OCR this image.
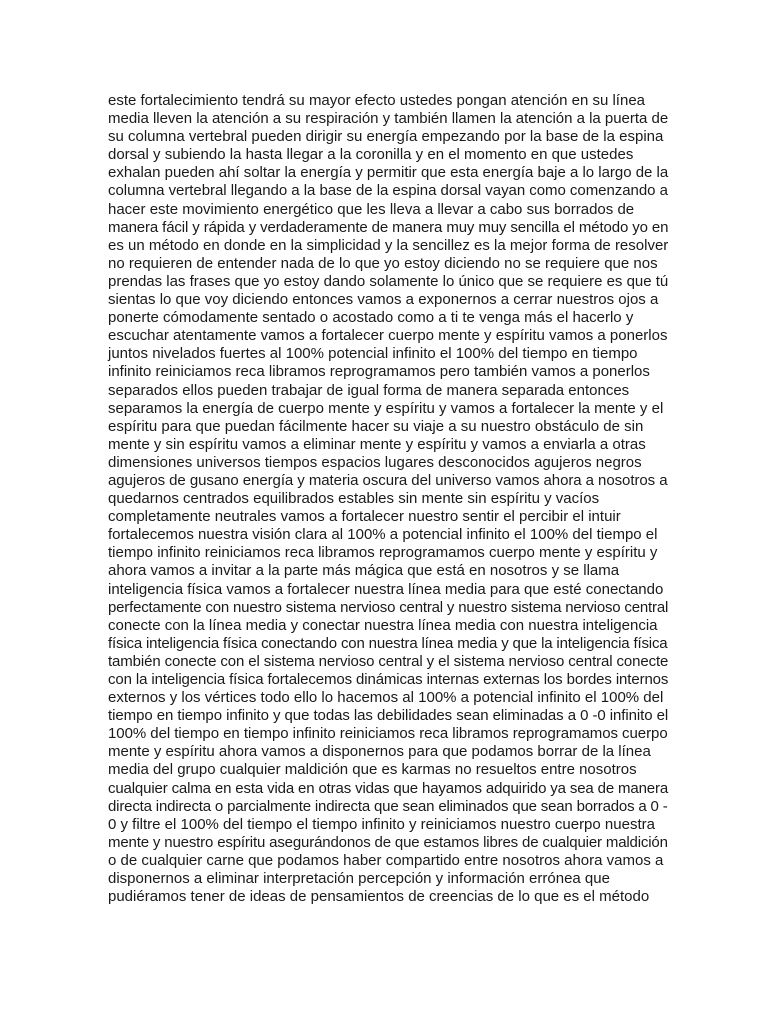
este fortalecimiento tendrá su mayor efecto ustedes pongan atención en su línea
media lleven la atención a su respiración y también llamen la atención a la puerta de
su columna vertebral pueden dirigir su energía empezando por la base de la espina
dorsal y subiendo la hasta llegar a la coronilla y en el momento en que ustedes
exhalan pueden ahí soltar la energía y permitir que esta energía baje a lo largo de la
columna vertebral llegando a la base de la espina dorsal vayan como comenzando a
hacer este movimiento energético que les lleva a llevar a cabo sus borrados de
manera fácil y rápida y verdaderamente de manera muy muy sencilla el método yo en
es un método en donde en la simplicidad y la sencillez es la mejor forma de resolver
no requieren de entender nada de lo que yo estoy diciendo no se requiere que nos
prendas las frases que yo estoy dando solamente lo único que se requiere es que tú
sientas lo que voy diciendo entonces vamos a exponernos a cerrar nuestros ojos a
ponerte cómodamente sentado o acostado como a ti te venga más el hacerlo y
escuchar atentamente vamos a fortalecer cuerpo mente y espíritu vamos a ponerlos
juntos nivelados fuertes al 100% potencial infinito el 100% del tiempo en tiempo
infinito reiniciamos reca libramos reprogramamos pero también vamos a ponerlos
separados ellos pueden trabajar de igual forma de manera separada entonces
separamos la energía de cuerpo mente y espíritu y vamos a fortalecer la mente y el
espíritu para que puedan fácilmente hacer su viaje a su nuestro obstáculo de sin
mente y sin espíritu vamos a eliminar mente y espíritu y vamos a enviarla a otras
dimensiones universos tiempos espacios lugares desconocidos agujeros negros
agujeros de gusano energía y materia oscura del universo vamos ahora a nosotros a
quedarnos centrados equilibrados estables sin mente sin espíritu y vacíos
completamente neutrales vamos a fortalecer nuestro sentir el percibir el intuir
fortalecemos nuestra visión clara al 100% a potencial infinito el 100% del tiempo el
tiempo infinito reiniciamos reca libramos reprogramamos cuerpo mente y espíritu y
ahora vamos a invitar a la parte más mágica que está en nosotros y se llama
inteligencia física vamos a fortalecer nuestra línea media para que esté conectando
perfectamente con nuestro sistema nervioso central y nuestro sistema nervioso central
conecte con la línea media y conectar nuestra línea media con nuestra inteligencia
física inteligencia física conectando con nuestra línea media y que la inteligencia física
también conecte con el sistema nervioso central y el sistema nervioso central conecte
con la inteligencia física fortalecemos dinámicas internas externas los bordes internos
externos y los vértices todo ello lo hacemos al 100% a potencial infinito el 100% del
tiempo en tiempo infinito y que todas las debilidades sean eliminadas a 0 -0 infinito el
100% del tiempo en tiempo infinito reiniciamos reca libramos reprogramamos cuerpo
mente y espíritu ahora vamos a disponernos para que podamos borrar de la línea
media del grupo cualquier maldición que es karmas no resueltos entre nosotros
cualquier calma en esta vida en otras vidas que hayamos adquirido ya sea de manera
directa indirecta o parcialmente indirecta que sean eliminados que sean borrados a 0 -
0 y filtre el 100% del tiempo el tiempo infinito y reiniciamos nuestro cuerpo nuestra
mente y nuestro espíritu asegurándonos de que estamos libres de cualquier maldición
o de cualquier carne que podamos haber compartido entre nosotros ahora vamos a
disponernos a eliminar interpretación percepción y información errónea que
pudiéramos tener de ideas de pensamientos de creencias de lo que es el método
